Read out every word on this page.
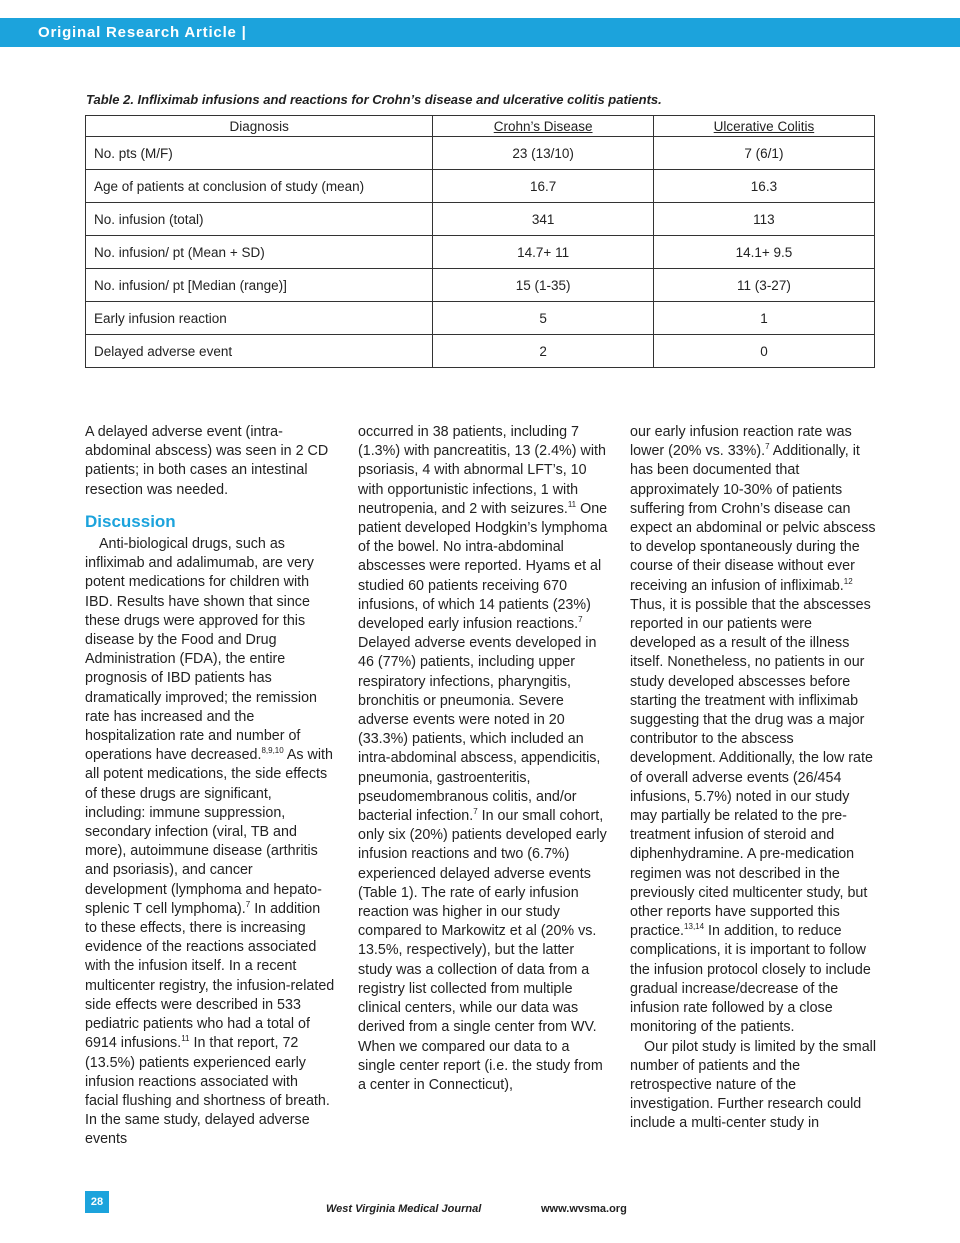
Original Research Article |
Table 2. Infliximab infusions and reactions for Crohn’s disease and ulcerative colitis patients.
Diagnosis	Crohn’s Disease	Ulcerative Colitis
No. pts (M/F)	23 (13/10)	7 (6/1)
Age of patients at conclusion of study (mean)	16.7	16.3
No. infusion (total)	341	113
No. infusion/ pt (Mean + SD)	14.7+ 11	14.1+ 9.5
No. infusion/ pt [Median (range)]	15 (1-35)	11 (3-27)
Early infusion reaction	5	1
Delayed adverse event	2	0

A delayed adverse event (intra-abdominal abscess) was seen in 2 CD patients; in both cases an intestinal resection was needed.

Discussion

Anti-biological drugs, such as infliximab and adalimumab, are very potent medications for children with IBD. Results have shown that since these drugs were approved for this disease by the Food and Drug Administration (FDA), the entire prognosis of IBD patients has dramatically improved; the remission rate has increased and the hospitalization rate and number of operations have decreased.$^{8,9,10}$ As with all potent medications, the side effects of these drugs are significant, including: immune suppression, secondary infection (viral, TB and more), autoimmune disease (arthritis and psoriasis), and cancer development (lymphoma and hepato-splenic T cell lymphoma).$^7$ In addition to these effects, there is increasing evidence of the reactions associated with the infusion itself. In a recent multicenter registry, the infusion-related side effects were described in 533 pediatric patients who had a total of 6914 infusions.$^{11}$ In that report, 72 (13.5%) patients experienced early infusion reactions associated with facial flushing and shortness of breath. In the same study, delayed adverse events

occurred in 38 patients, including 7 (1.3%) with pancreatitis, 13 (2.4%) with psoriasis, 4 with abnormal LFT’s, 10 with opportunistic infections, 1 with neutropenia, and 2 with seizures.$^{11}$ One patient developed Hodgkin’s lymphoma of the bowel. No intra-abdominal abscesses were reported. Hyams et al studied 60 patients receiving 670 infusions, of which 14 patients (23%) developed early infusion reactions.$^7$ Delayed adverse events developed in 46 (77%) patients, including upper respiratory infections, pharyngitis, bronchitis or pneumonia. Severe adverse events were noted in 20 (33.3%) patients, which included an intra-abdominal abscess, appendicitis, pneumonia, gastroenteritis, pseudomembranous colitis, and/or bacterial infection.$^7$ In our small cohort, only six (20%) patients developed early infusion reactions and two (6.7%) experienced delayed adverse events (Table 1). The rate of early infusion reaction was higher in our study compared to Markowitz et al (20% vs. 13.5%, respectively), but the latter study was a collection of data from a registry list collected from multiple clinical centers, while our data was derived from a single center from WV. When we compared our data to a single center report (i.e. the study from a center in Connecticut),

our early infusion reaction rate was lower (20% vs. 33%).$^7$ Additionally, it has been documented that approximately 10-30% of patients suffering from Crohn’s disease can expect an abdominal or pelvic abscess to develop spontaneously during the course of their disease without ever receiving an infusion of infliximab.$^{12}$ Thus, it is possible that the abscesses reported in our patients were developed as a result of the illness itself. Nonetheless, no patients in our study developed abscesses before starting the treatment with infliximab suggesting that the drug was a major contributor to the abscess development. Additionally, the low rate of overall adverse events (26/454 infusions, 5.7%) noted in our study may partially be related to the pre-treatment infusion of steroid and diphenhydramine. A pre-medication regimen was not described in the previously cited multicenter study, but other reports have supported this practice.$^{13,14}$ In addition, to reduce complications, it is important to follow the infusion protocol closely to include gradual increase/decrease of the infusion rate followed by a close monitoring of the patients.

Our pilot study is limited by the small number of patients and the retrospective nature of the investigation. Further research could include a multi-center study in

28
West Virginia Medical Journal	www.wvsma.org
